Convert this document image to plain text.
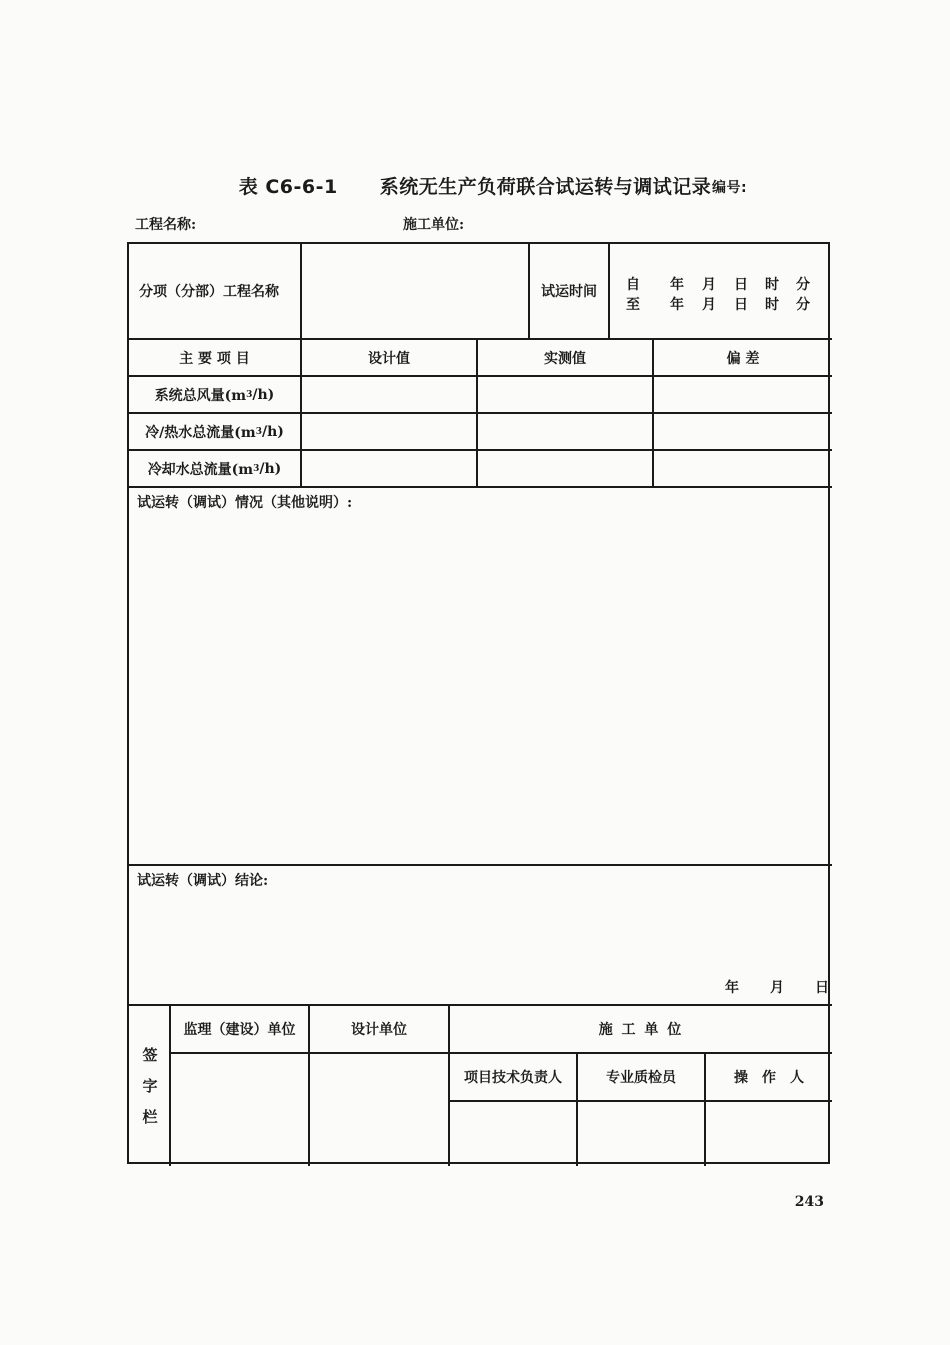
表 C6-6-1 系统无生产负荷联合试运转与调试记录 编号:
工程名称:	施工单位:
分项（分部）工程名称	试运时间	自 年 月 日 时 分
至 年 月 日 时 分
主 要 项 目	设计值	实测值	偏 差
系统总风量(m 3 /h)
冷/热水总流量(m 3 /h)
冷却水总流量(m 3 /h)
试运转（调试）情况（其他说明）:
试运转（调试）结论:
年　　月　　日
签
字
栏
监理（建设）单位	设计单位	施 工 单 位
项目技术负责人	专业质检员	操　作　人
243
